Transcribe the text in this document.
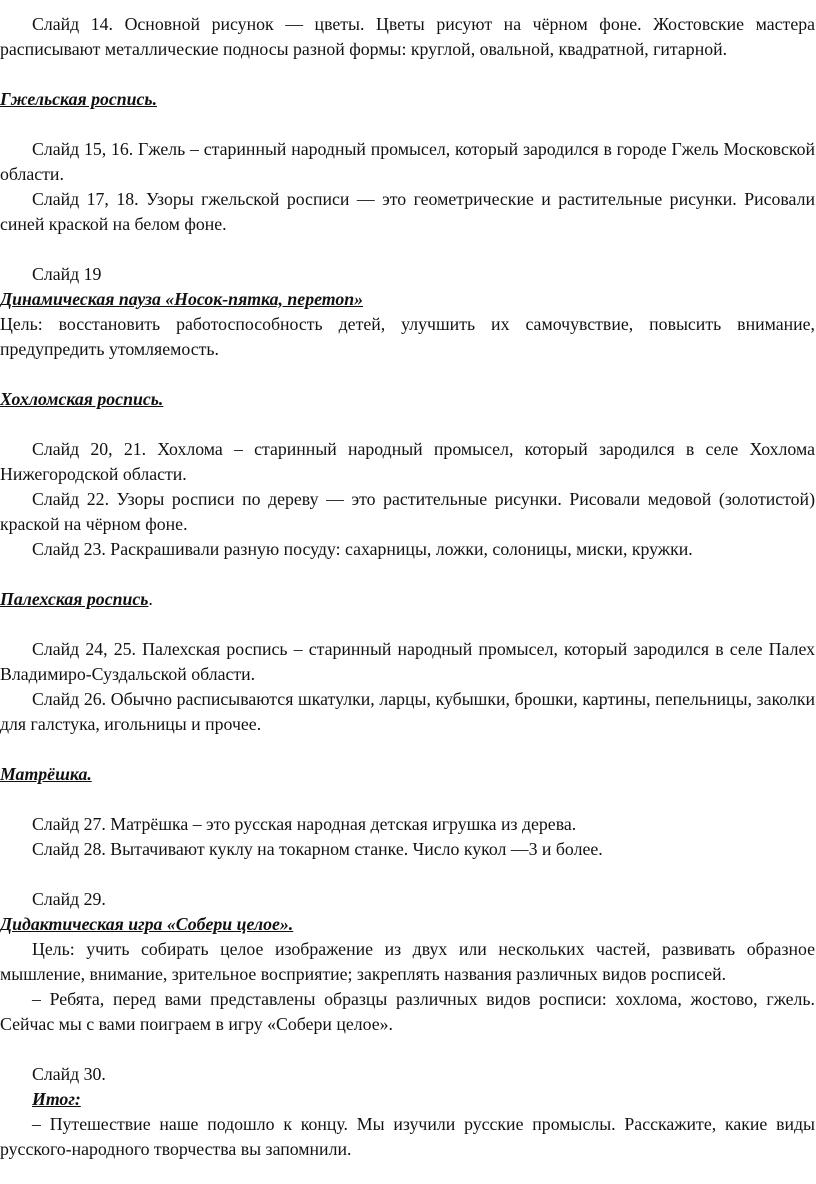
Слайд 14. Основной рисунок — цветы. Цветы рисуют на чёрном фоне. Жостовские мастера расписывают металлические подносы разной формы: круглой, овальной, квадратной, гитарной.

Гжельская роспись.

Слайд 15, 16. Гжель – старинный народный промысел, который зародился в городе Гжель Московской области.

Слайд 17, 18. Узоры гжельской росписи — это геометрические и растительные рисунки. Рисовали синей краской на белом фоне.

Слайд 19

Динамическая пауза «Носок-пятка, перетоп»

Цель: восстановить работоспособность детей, улучшить их самочувствие, повысить внимание, предупредить утомляемость.

Хохломская роспись.

Слайд 20, 21. Хохлома – старинный народный промысел, который зародился в селе Хохлома Нижегородской области.

Слайд 22. Узоры росписи по дереву — это растительные рисунки. Рисовали медовой (золотистой) краской на чёрном фоне.

Слайд 23. Раскрашивали разную посуду: сахарницы, ложки, солоницы, миски, кружки.

Палехская роспись.

Слайд 24, 25. Палехская роспись – старинный народный промысел, который зародился в селе Палех Владимиро-Суздальской области.

Слайд 26. Обычно расписываются шкатулки, ларцы, кубышки, брошки, картины, пепельницы, заколки для галстука, игольницы и прочее.

Матрёшка.

Слайд 27. Матрёшка – это русская народная детская игрушка из дерева.

Слайд 28. Вытачивают куклу на токарном станке. Число кукол —3 и более.

Слайд 29.

Дидактическая игра «Собери целое».

Цель: учить собирать целое изображение из двух или нескольких частей, развивать образное мышление, внимание, зрительное восприятие; закреплять названия различных видов росписей.

– Ребята, перед вами представлены образцы различных видов росписи: хохлома, жостово, гжель. Сейчас мы с вами поиграем в игру «Собери целое».

Слайд 30.

Итог:

– Путешествие наше подошло к концу. Мы изучили русские промыслы. Расскажите, какие виды русского-народного творчества вы запомнили.
